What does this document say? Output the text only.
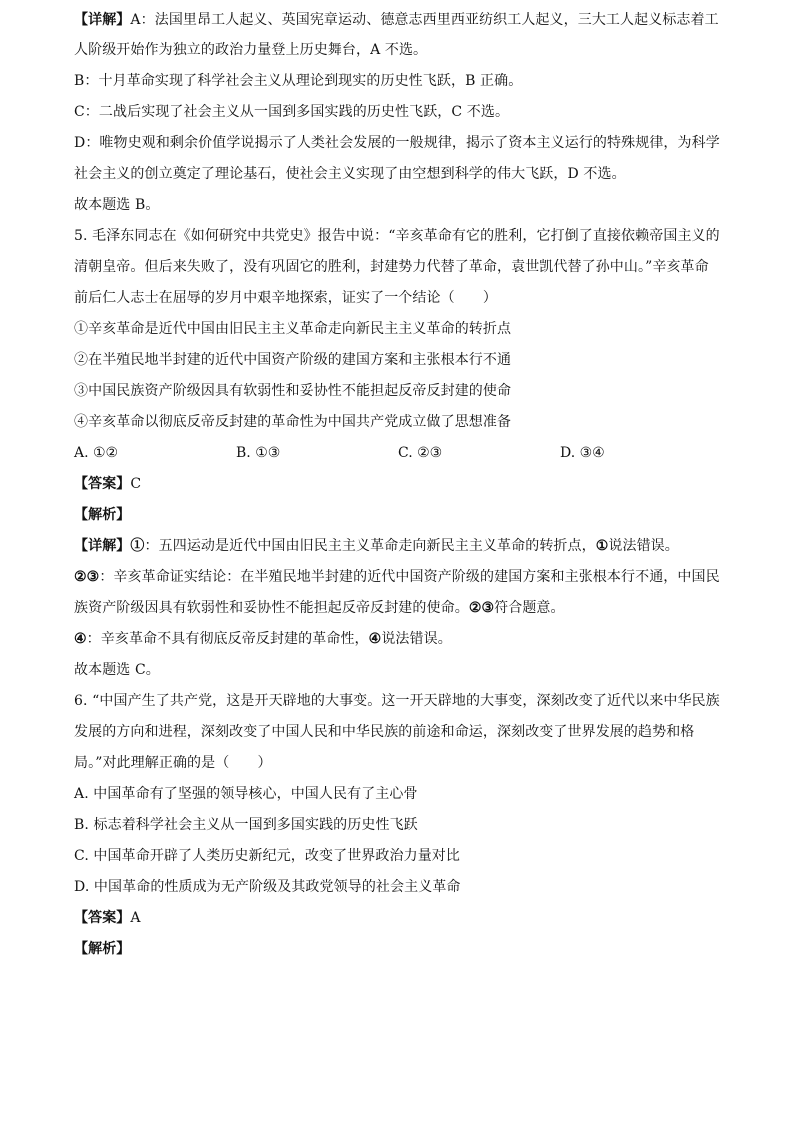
【详解】A：法国里昂工人起义、英国宪章运动、德意志西里西亚纺织工人起义，三大工人起义标志着工
人阶级开始作为独立的政治力量登上历史舞台，A 不选。
B：十月革命实现了科学社会主义从理论到现实的历史性飞跃，B 正确。
C：二战后实现了社会主义从一国到多国实践的历史性飞跃，C 不选。
D：唯物史观和剩余价值学说揭示了人类社会发展的一般规律，揭示了资本主义运行的特殊规律，为科学
社会主义的创立奠定了理论基石，使社会主义实现了由空想到科学的伟大飞跃，D 不选。
故本题选 B。
5. 毛泽东同志在《如何研究中共党史》报告中说：“辛亥革命有它的胜利，它打倒了直接依赖帝国主义的
清朝皇帝。但后来失败了，没有巩固它的胜利，封建势力代替了革命，袁世凯代替了孙中山。”辛亥革命
前后仁人志士在屈辱的岁月中艰辛地探索，证实了一个结论（　　）
①辛亥革命是近代中国由旧民主主义革命走向新民主主义革命的转折点
②在半殖民地半封建的近代中国资产阶级的建国方案和主张根本行不通
③中国民族资产阶级因具有软弱性和妥协性不能担起反帝反封建的使命
④辛亥革命以彻底反帝反封建的革命性为中国共产党成立做了思想准备
A. ①②	B. ①③	C. ②③	D. ③④
【答案】C
【解析】
【详解】①：五四运动是近代中国由旧民主主义革命走向新民主主义革命的转折点，①说法错误。
②③：辛亥革命证实结论：在半殖民地半封建的近代中国资产阶级的建国方案和主张根本行不通，中国民
族资产阶级因具有软弱性和妥协性不能担起反帝反封建的使命。②③符合题意。
④：辛亥革命不具有彻底反帝反封建的革命性，④说法错误。
故本题选 C。
6. “中国产生了共产党，这是开天辟地的大事变。这一开天辟地的大事变，深刻改变了近代以来中华民族
发展的方向和进程，深刻改变了中国人民和中华民族的前途和命运，深刻改变了世界发展的趋势和格
局。”对此理解正确的是（　　）
A. 中国革命有了坚强的领导核心，中国人民有了主心骨
B. 标志着科学社会主义从一国到多国实践的历史性飞跃
C. 中国革命开辟了人类历史新纪元，改变了世界政治力量对比
D. 中国革命的性质成为无产阶级及其政党领导的社会主义革命
【答案】A
【解析】
